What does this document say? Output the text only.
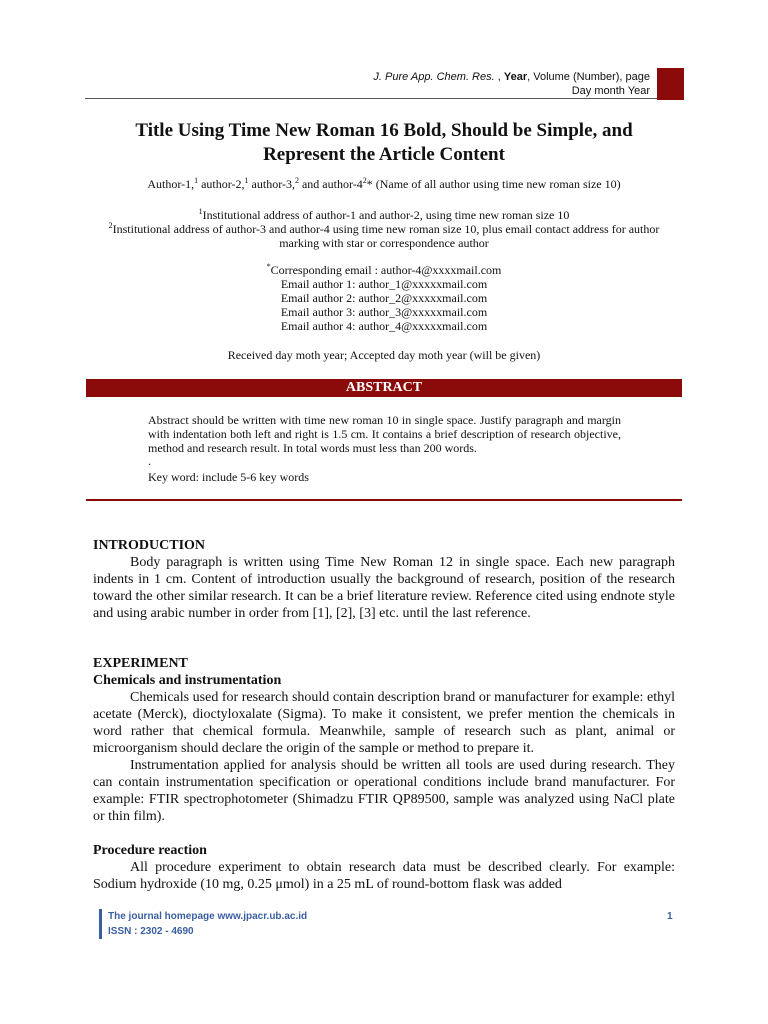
J. Pure App. Chem. Res. , Year, Volume (Number), page
Day month Year
Title Using Time New Roman 16 Bold, Should be Simple, and Represent the Article Content
Author-1,$^1$ author-2,$^1$ author-3,$^2$ and author-$4^2*$ (Name of all author using time new roman size 10)
$^1$Institutional address of author-1 and author-2, using time new roman size 10
$^2$Institutional address of author-3 and author-4 using time new roman size 10, plus email contact address for author marking with star or correspondence author
*Corresponding email : author-4@xxxxmail.com
Email author 1: author_1@xxxxxmail.com
Email author 2: author_2@xxxxxmail.com
Email author 3: author_3@xxxxxmail.com
Email author 4: author_4@xxxxxmail.com
Received day moth year; Accepted day moth year (will be given)
ABSTRACT
Abstract should be written with time new roman 10 in single space. Justify paragraph and margin with indentation both left and right is 1.5 cm. It contains a brief description of research objective, method and research result. In total words must less than 200 words.
.
Key word: include 5-6 key words

INTRODUCTION

Body paragraph is written using Time New Roman 12 in single space. Each new paragraph indents in 1 cm. Content of introduction usually the background of research, position of the research toward the other similar research. It can be a brief literature review. Reference cited using endnote style and using arabic number in order from [1], [2], [3] etc. until the last reference.

EXPERIMENT

Chemicals and instrumentation

Chemicals used for research should contain description brand or manufacturer for example: ethyl acetate (Merck), dioctyloxalate (Sigma). To make it consistent, we prefer mention the chemicals in word rather that chemical formula. Meanwhile, sample of research such as plant, animal or microorganism should declare the origin of the sample or method to prepare it.

Instrumentation applied for analysis should be written all tools are used during research. They can contain instrumentation specification or operational conditions include brand manufacturer. For example: FTIR spectrophotometer (Shimadzu FTIR QP89500, sample was analyzed using NaCl plate or thin film).

Procedure reaction

All procedure experiment to obtain research data must be described clearly. For example: Sodium hydroxide (10 mg, 0.25 μmol) in a 25 mL of round-bottom flask was added

The journal homepage www.jpacr.ub.ac.id
ISSN : 2302 - 4690
1
